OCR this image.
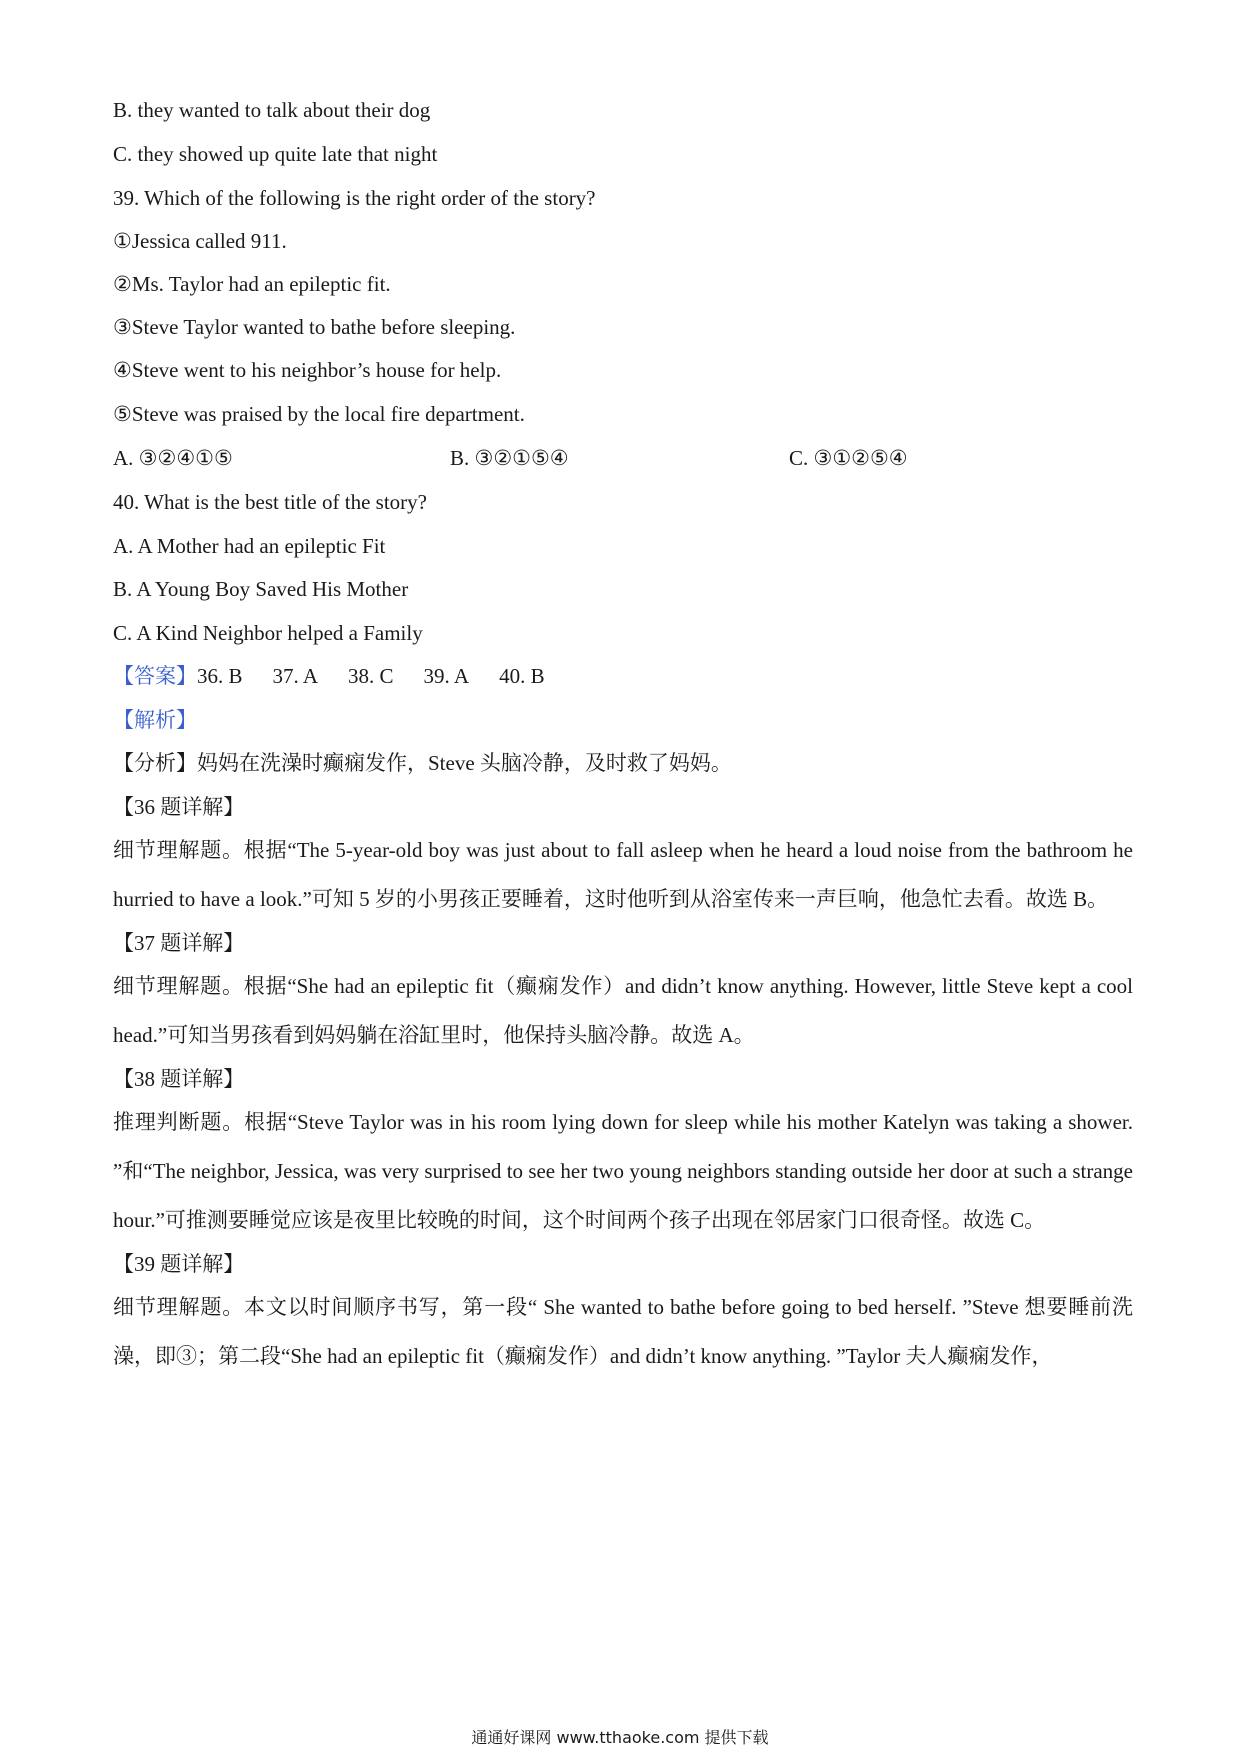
B. they wanted to talk about their dog
C. they showed up quite late that night
39. Which of the following is the right order of the story?
①Jessica called 911.
②Ms. Taylor had an epileptic fit.
③Steve Taylor wanted to bathe before sleeping.
④Steve went to his neighbor’s house for help.
⑤Steve was praised by the local fire department.
A. ③②④①⑤	B. ③②①⑤④	C. ③①②⑤④
40. What is the best title of the story?
A. A Mother had an epileptic Fit
B. A Young Boy Saved His Mother
C. A Kind Neighbor helped a Family
【答案】36. B 37. A 38. C 39. A 40. B
【解析】
【分析】妈妈在洗澡时癫痫发作，Steve 头脑冷静，及时救了妈妈。
【36 题详解】

细节理解题。根据“The 5-year-old boy was just about to fall asleep when he heard a loud noise from the bathroom he hurried to have a look.”可知 5 岁的小男孩正要睡着，这时他听到从浴室传来一声巨响，他急忙去看。故选 B。

【37 题详解】

细节理解题。根据“She had an epileptic fit（癫痫发作）and didn’t know anything. However, little Steve kept a cool head.”可知当男孩看到妈妈躺在浴缸里时，他保持头脑冷静。故选 A。

【38 题详解】

推理判断题。根据“Steve Taylor was in his room lying down for sleep while his mother Katelyn was taking a shower. ”和“The neighbor, Jessica, was very surprised to see her two young neighbors standing outside her door at such a strange hour.”可推测要睡觉应该是夜里比较晚的时间，这个时间两个孩子出现在邻居家门口很奇怪。故选 C。

【39 题详解】

细节理解题。本文以时间顺序书写，第一段“ She wanted to bathe before going to bed herself. ”Steve 想要睡前洗澡，即③；第二段“She had an epileptic fit（癫痫发作）and didn’t know anything. ”Taylor 夫人癫痫发作，

通通好课网 www.tthaoke.com 提供下载
